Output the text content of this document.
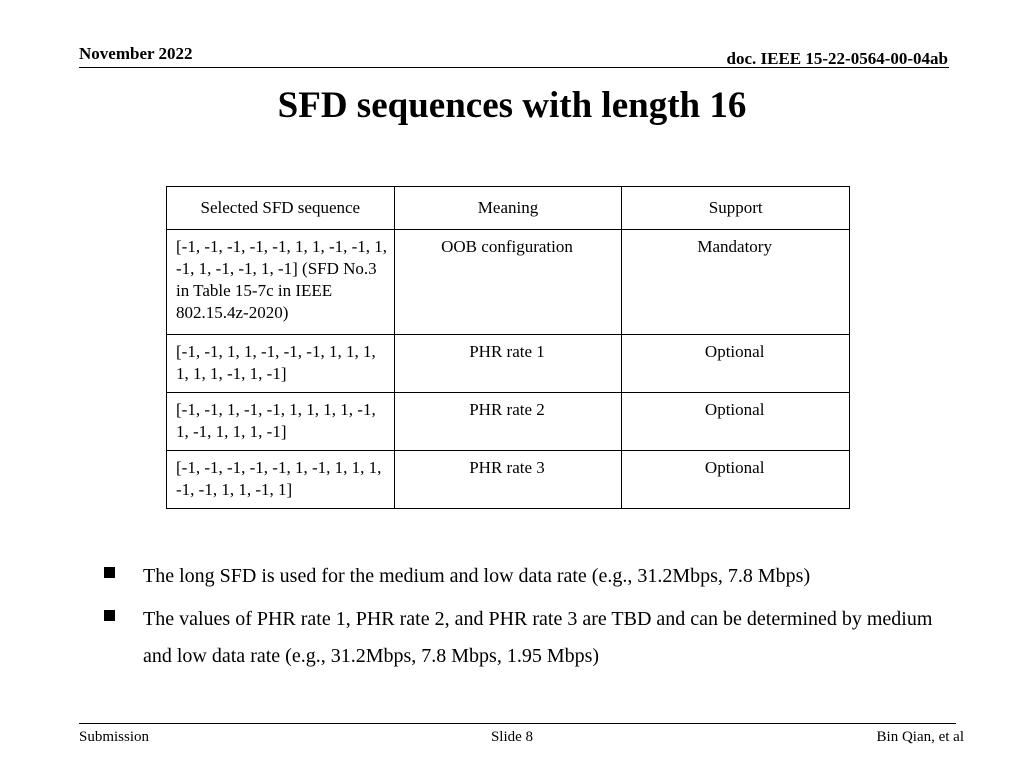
November 2022	doc. IEEE 15-22-0564-00-04ab
SFD sequences with length 16
Selected SFD sequence	Meaning	Support
[-1, -1, -1, -1, -1, 1, 1, -1, -1, 1, -1, 1, -1, -1, 1, -1] (SFD No.3 in Table 15-7c in IEEE 802.15.4z-2020)	OOB configuration	Mandatory
[-1, -1, 1, 1, -1, -1, -1, 1, 1, 1, 1, 1, 1, -1, 1, -1]	PHR rate 1	Optional
[-1, -1, 1, -1, -1, 1, 1, 1, 1, -1, 1, -1, 1, 1, 1, -1]	PHR rate 2	Optional
[-1, -1, -1, -1, -1, 1, -1, 1, 1, 1, -1, -1, 1, 1, -1, 1]	PHR rate 3	Optional
The long SFD is used for the medium and low data rate (e.g., 31.2Mbps, 7.8 Mbps)
The values of PHR rate 1, PHR rate 2, and PHR rate 3 are TBD and can be determined by medium and low data rate (e.g., 31.2Mbps, 7.8 Mbps, 1.95 Mbps)
Submission	Slide 8	Bin Qian, et al
